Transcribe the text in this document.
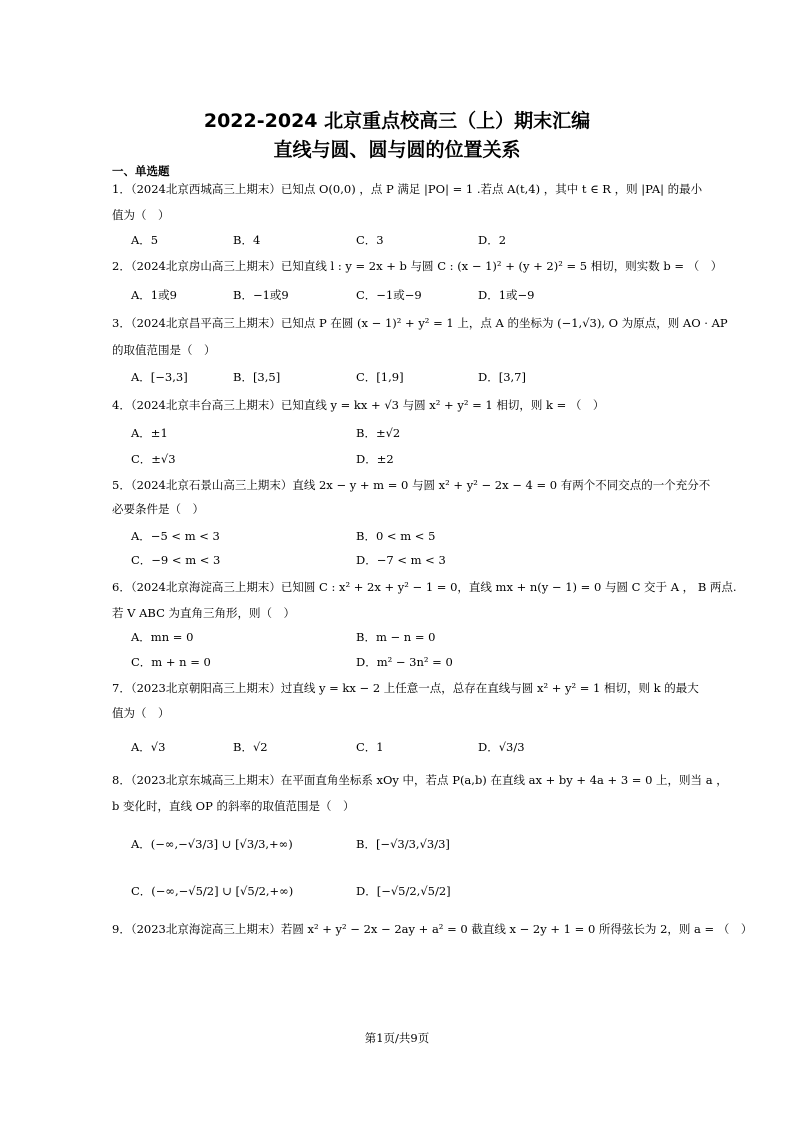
2022-2024 北京重点校高三（上）期末汇编
直线与圆、圆与圆的位置关系
一、单选题
1．（2024北京西城高三上期末）已知点 O(0,0) ，点 P 满足 |PO| = 1 .若点 A(t,4) ，其中 t ∈ R ，则 |PA| 的最小
值为（　）
A．5	B．4	C．3	D．2
2．（2024北京房山高三上期末）已知直线 l : y = 2x + b 与圆 C : (x − 1)² + (y + 2)² = 5 相切，则实数 b = （　）
A．1或9	B．−1或9	C．−1或−9	D．1或−9
3．（2024北京昌平高三上期末）已知点 P 在圆 (x − 1)² + y² = 1 上，点 A 的坐标为 (−1,√3), O 为原点，则 AO · AP
的取值范围是（　）
A．[−3,3]	B．[3,5]	C．[1,9]	D．[3,7]
4．（2024北京丰台高三上期末）已知直线 y = kx + √3 与圆 x² + y² = 1 相切，则 k = （　）
A．±1	B．±√2
C．±√3	D．±2
5．（2024北京石景山高三上期末）直线 2x − y + m = 0 与圆 x² + y² − 2x − 4 = 0 有两个不同交点的一个充分不
必要条件是（　）
A．−5 < m < 3	B．0 < m < 5
C．−9 < m < 3	D．−7 < m < 3
6．（2024北京海淀高三上期末）已知圆 C : x² + 2x + y² − 1 = 0，直线 mx + n(y − 1) = 0 与圆 C 交于 A ， B 两点.
若 V ABC 为直角三角形，则（　）
A．mn = 0	B．m − n = 0
C．m + n = 0	D．m² − 3n² = 0
7．（2023北京朝阳高三上期末）过直线 y = kx − 2 上任意一点，总存在直线与圆 x² + y² = 1 相切，则 k 的最大
值为（　）
A．√3	B．√2	C．1	D．√3/3
8．（2023北京东城高三上期末）在平面直角坐标系 xOy 中，若点 P(a,b) 在直线 ax + by + 4a + 3 = 0 上，则当 a ，
b 变化时，直线 OP 的斜率的取值范围是（　）
A．(−∞,−√3/3] ∪ [√3/3,+∞)	B．[−√3/3,√3/3]
C．(−∞,−√5/2] ∪ [√5/2,+∞)	D．[−√5/2,√5/2]
9．（2023北京海淀高三上期末）若圆 x² + y² − 2x − 2ay + a² = 0 截直线 x − 2y + 1 = 0 所得弦长为 2，则 a = （　）
第1页/共9页
